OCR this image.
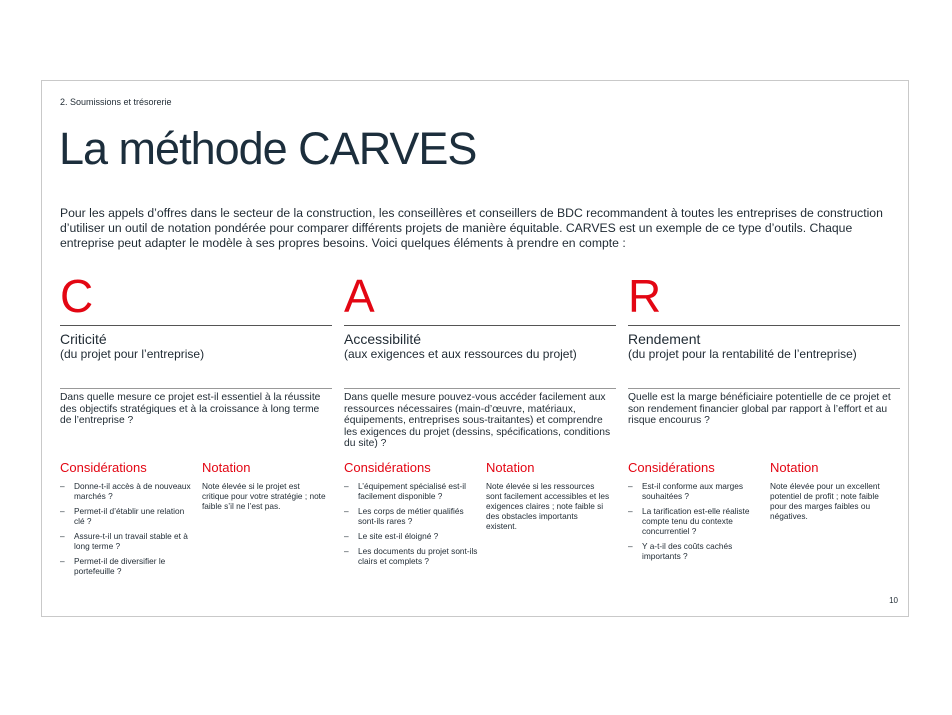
2. Soumissions et trésorerie
La méthode CARVES

Pour les appels d’offres dans le secteur de la construction, les conseillères et conseillers de BDC recommandent à toutes les entreprises de construction d’utiliser un outil de notation pondérée pour comparer différents projets de manière équitable. CARVES est un exemple de ce type d’outils. Chaque entreprise peut adapter le modèle à ses propres besoins. Voici quelques éléments à prendre en compte :

C
Criticité
(du projet pour l’entreprise)
Dans quelle mesure ce projet est-il essentiel à la réussite des objectifs stratégiques et à la croissance à long terme de l’entreprise ?
Considérations
– Donne-t-il accès à de nouveaux marchés ?
– Permet-il d’établir une relation clé ?
– Assure-t-il un travail stable et à long terme ?
– Permet-il de diversifier le portefeuille ?
Notation
Note élevée si le projet est critique pour votre stratégie ; note faible s’il ne l’est pas.
A
Accessibilité
(aux exigences et aux ressources du projet)
Dans quelle mesure pouvez-vous accéder facilement aux ressources nécessaires (main-d’œuvre, matériaux, équipements, entreprises sous-traitantes) et comprendre les exigences du projet (dessins, spécifications, conditions du site) ?
Considérations
– L’équipement spécialisé est-il facilement disponible ?
– Les corps de métier qualifiés sont-ils rares ?
– Le site est-il éloigné ?
– Les documents du projet sont-ils clairs et complets ?
Notation
Note élevée si les ressources sont facilement accessibles et les exigences claires ; note faible si des obstacles importants existent.
R
Rendement
(du projet pour la rentabilité de l’entreprise)
Quelle est la marge bénéficiaire potentielle de ce projet et son rendement financier global par rapport à l’effort et au risque encourus ?
Considérations
– Est-il conforme aux marges souhaitées ?
– La tarification est-elle réaliste compte tenu du contexte concurrentiel ?
– Y a-t-il des coûts cachés importants ?
Notation
Note élevée pour un excellent potentiel de profit ; note faible pour des marges faibles ou négatives.
10
